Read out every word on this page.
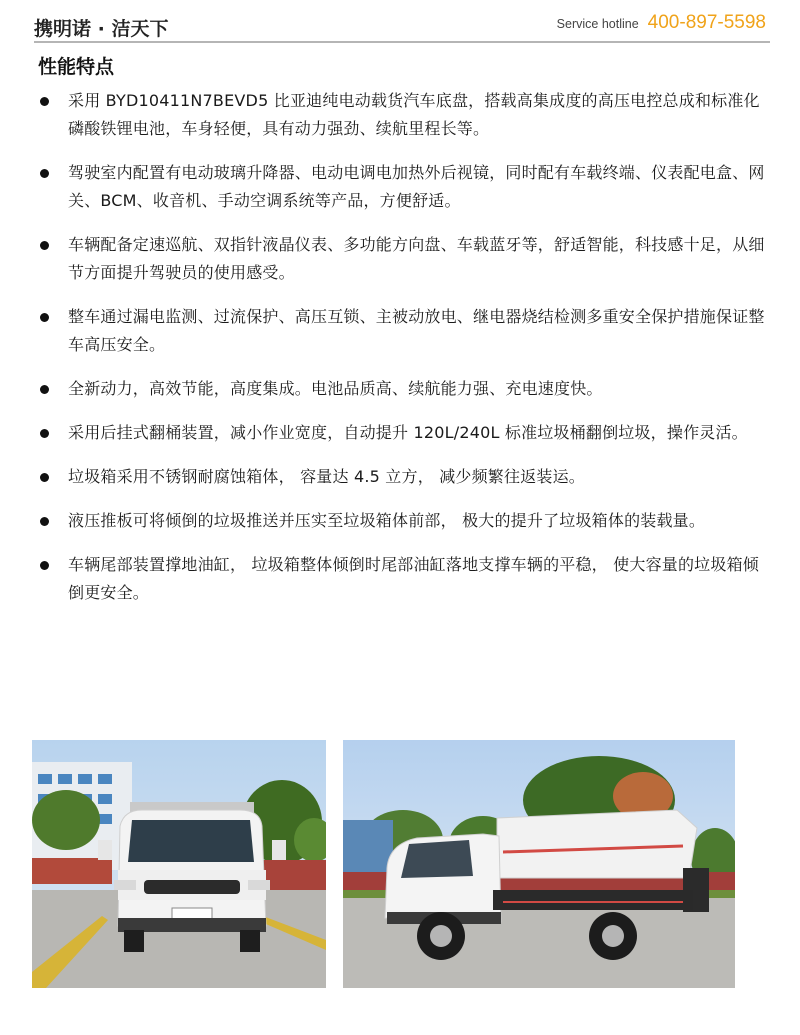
携明诺 · 洁天下	Service hotline 400-897-5598
性能特点
采用 BYD10411N7BEVD5 比亚迪纯电动载货汽车底盘，搭载高集成度的高压电控总成和标准化磷酸铁锂电池，车身轻便，具有动力强劲、续航里程长等。
驾驶室内配置有电动玻璃升降器、电动电调电加热外后视镜，同时配有车载终端、仪表配电盒、网关、BCM、收音机、手动空调系统等产品，方便舒适。
车辆配备定速巡航、双指针液晶仪表、多功能方向盘、车载蓝牙等，舒适智能，科技感十足，从细节方面提升驾驶员的使用感受。
整车通过漏电监测、过流保护、高压互锁、主被动放电、继电器烧结检测多重安全保护措施保证整车高压安全。
全新动力，高效节能，高度集成。电池品质高、续航能力强、充电速度快。
采用后挂式翻桶装置，减小作业宽度，自动提升 120L/240L 标准垃圾桶翻倒垃圾，操作灵活。
垃圾箱采用不锈钢耐腐蚀箱体， 容量达 4.5 立方， 减少频繁往返装运。
液压推板可将倾倒的垃圾推送并压实至垃圾箱体前部， 极大的提升了垃圾箱体的装载量。
车辆尾部装置撑地油缸， 垃圾箱整体倾倒时尾部油缸落地支撑车辆的平稳， 使大容量的垃圾箱倾倒更安全。
